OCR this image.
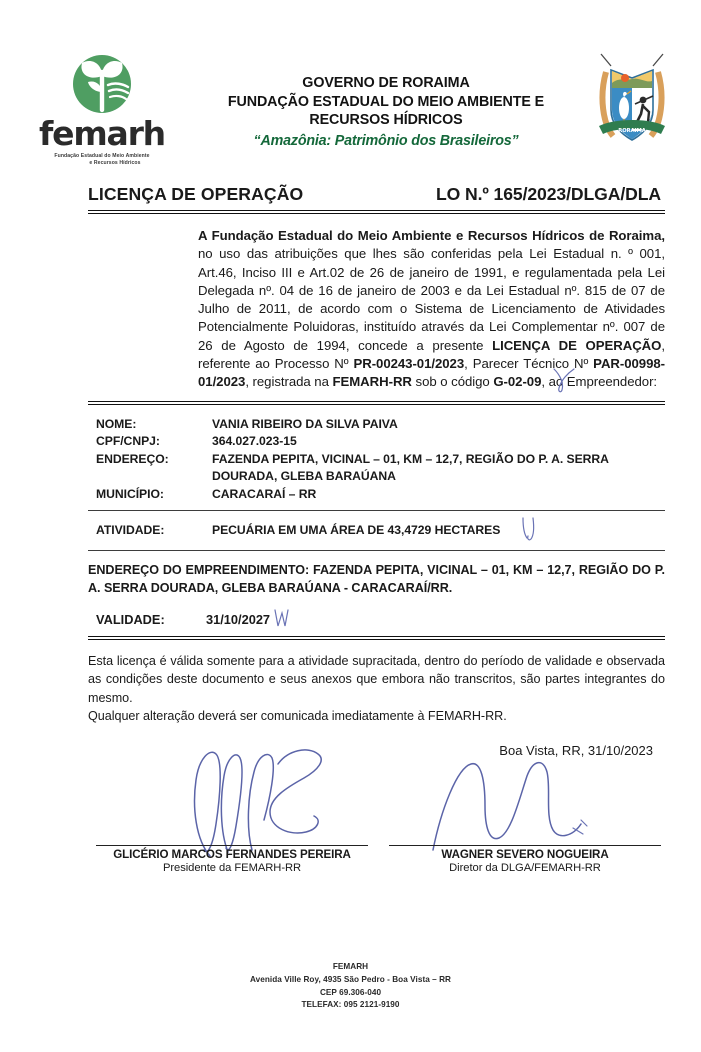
femarh
Fundação Estadual do Meio Ambiente
e Recursos Hídricos
GOVERNO DE RORAIMA
FUNDAÇÃO ESTADUAL DO MEIO AMBIENTE E
RECURSOS HÍDRICOS
“Amazônia: Patrimônio dos Brasileiros”
RORAIMA
LICENÇA DE OPERAÇÃO	LO N.º 165/2023/DLGA/DLA
A Fundação Estadual do Meio Ambiente e Recursos Hídricos de Roraima, no uso das atribuições que lhes são conferidas pela Lei Estadual n. º 001, Art.46, Inciso III e Art.02 de 26 de janeiro de 1991, e regulamentada pela Lei Delegada nº. 04 de 16 de janeiro de 2003 e da Lei Estadual nº. 815 de 07 de Julho de 2011, de acordo com o Sistema de Licenciamento de Atividades Potencialmente Poluidoras, instituído através da Lei Complementar nº. 007 de 26 de Agosto de 1994, concede a presente LICENÇA DE OPERAÇÃO, referente ao Processo Nº PR-00243-01/2023, Parecer Técnico Nº PAR-00998-01/2023, registrada na FEMARH-RR sob o código G-02-09, ao Empreendedor:
NOME:	VANIA RIBEIRO DA SILVA PAIVA
CPF/CNPJ:	364.027.023-15
ENDEREÇO:	FAZENDA PEPITA, VICINAL – 01, KM – 12,7, REGIÃO DO P. A. SERRA
DOURADA, GLEBA BARAÚANA
MUNICÍPIO:	CARACARAÍ – RR
ATIVIDADE:	PECUÁRIA EM UMA ÁREA DE 43,4729 HECTARES
ENDEREÇO DO EMPREENDIMENTO: FAZENDA PEPITA, VICINAL – 01, KM – 12,7, REGIÃO DO P. A. SERRA DOURADA, GLEBA BARAÚANA - CARACARAÍ/RR.
VALIDADE:	31/10/2027

Esta licença é válida somente para a atividade supracitada, dentro do período de validade e observada as condições deste documento e seus anexos que embora não transcritos, são partes integrantes do mesmo.

Qualquer alteração deverá ser comunicada imediatamente à FEMARH-RR.

Boa Vista, RR, 31/10/2023
GLICÉRIO MARCOS FERNANDES PEREIRA
Presidente da FEMARH-RR
WAGNER SEVERO NOGUEIRA
Diretor da DLGA/FEMARH-RR
FEMARH
Avenida Ville Roy, 4935 São Pedro - Boa Vista – RR
CEP 69.306-040
TELEFAX: 095 2121-9190
